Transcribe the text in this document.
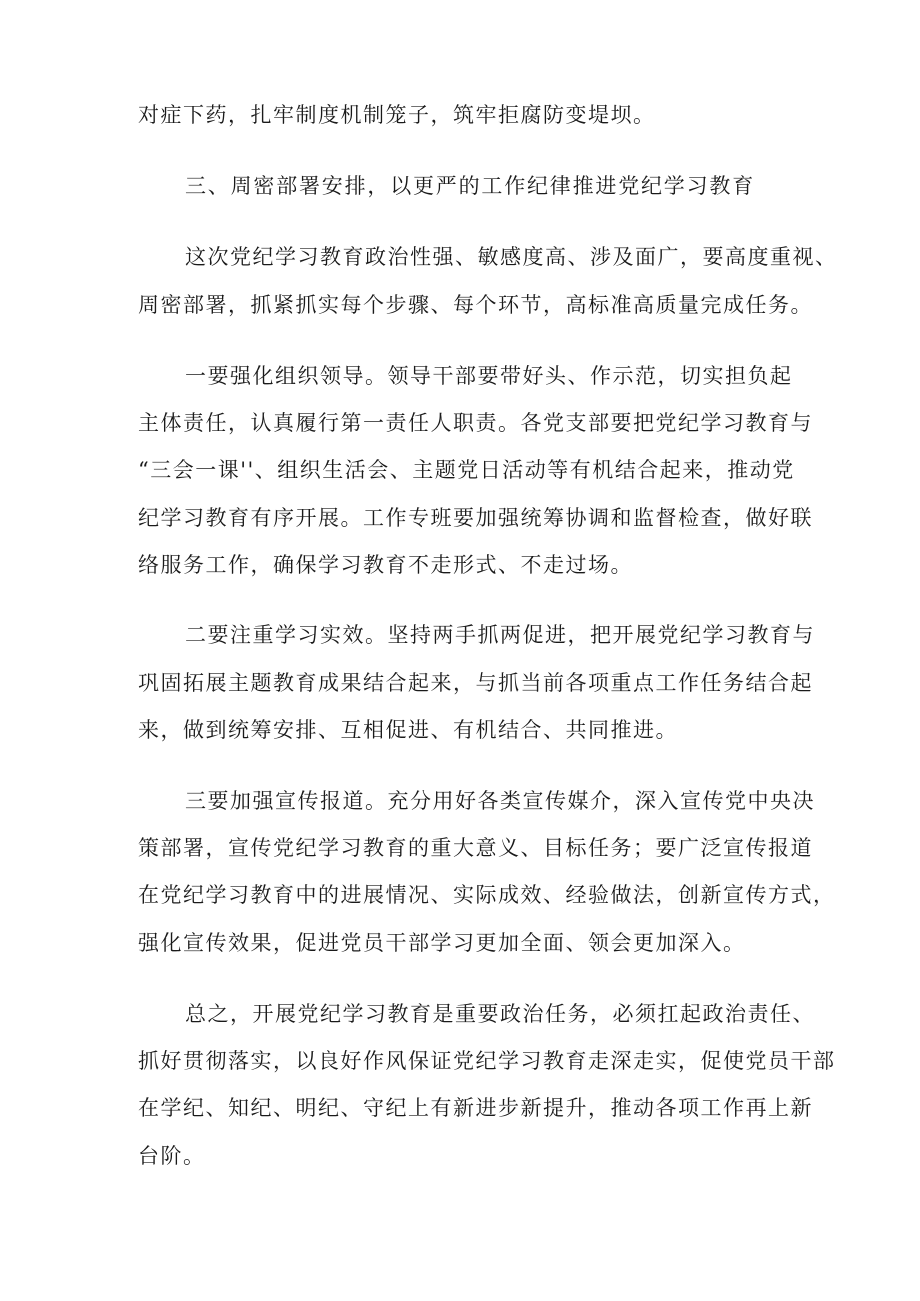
对症下药，扎牢制度机制笼子，筑牢拒腐防变堤坝。
三、周密部署安排，以更严的工作纪律推进党纪学习教育
这次党纪学习教育政治性强、敏感度高、涉及面广，要高度重视、
周密部署，抓紧抓实每个步骤、每个环节，高标准高质量完成任务。
一要强化组织领导。领导干部要带好头、作示范，切实担负起
主体责任，认真履行第一责任人职责。各党支部要把党纪学习教育与
“三会一课''、组织生活会、主题党日活动等有机结合起来，推动党
纪学习教育有序开展。工作专班要加强统筹协调和监督检查，做好联
络服务工作，确保学习教育不走形式、不走过场。
二要注重学习实效。坚持两手抓两促进，把开展党纪学习教育与
巩固拓展主题教育成果结合起来，与抓当前各项重点工作任务结合起
来，做到统筹安排、互相促进、有机结合、共同推进。
三要加强宣传报道。充分用好各类宣传媒介，深入宣传党中央决
策部署，宣传党纪学习教育的重大意义、目标任务；要广泛宣传报道
在党纪学习教育中的进展情况、实际成效、经验做法，创新宣传方式，
强化宣传效果，促进党员干部学习更加全面、领会更加深入。
总之，开展党纪学习教育是重要政治任务，必须扛起政治责任、
抓好贯彻落实，以良好作风保证党纪学习教育走深走实，促使党员干部
在学纪、知纪、明纪、守纪上有新进步新提升，推动各项工作再上新
台阶。
